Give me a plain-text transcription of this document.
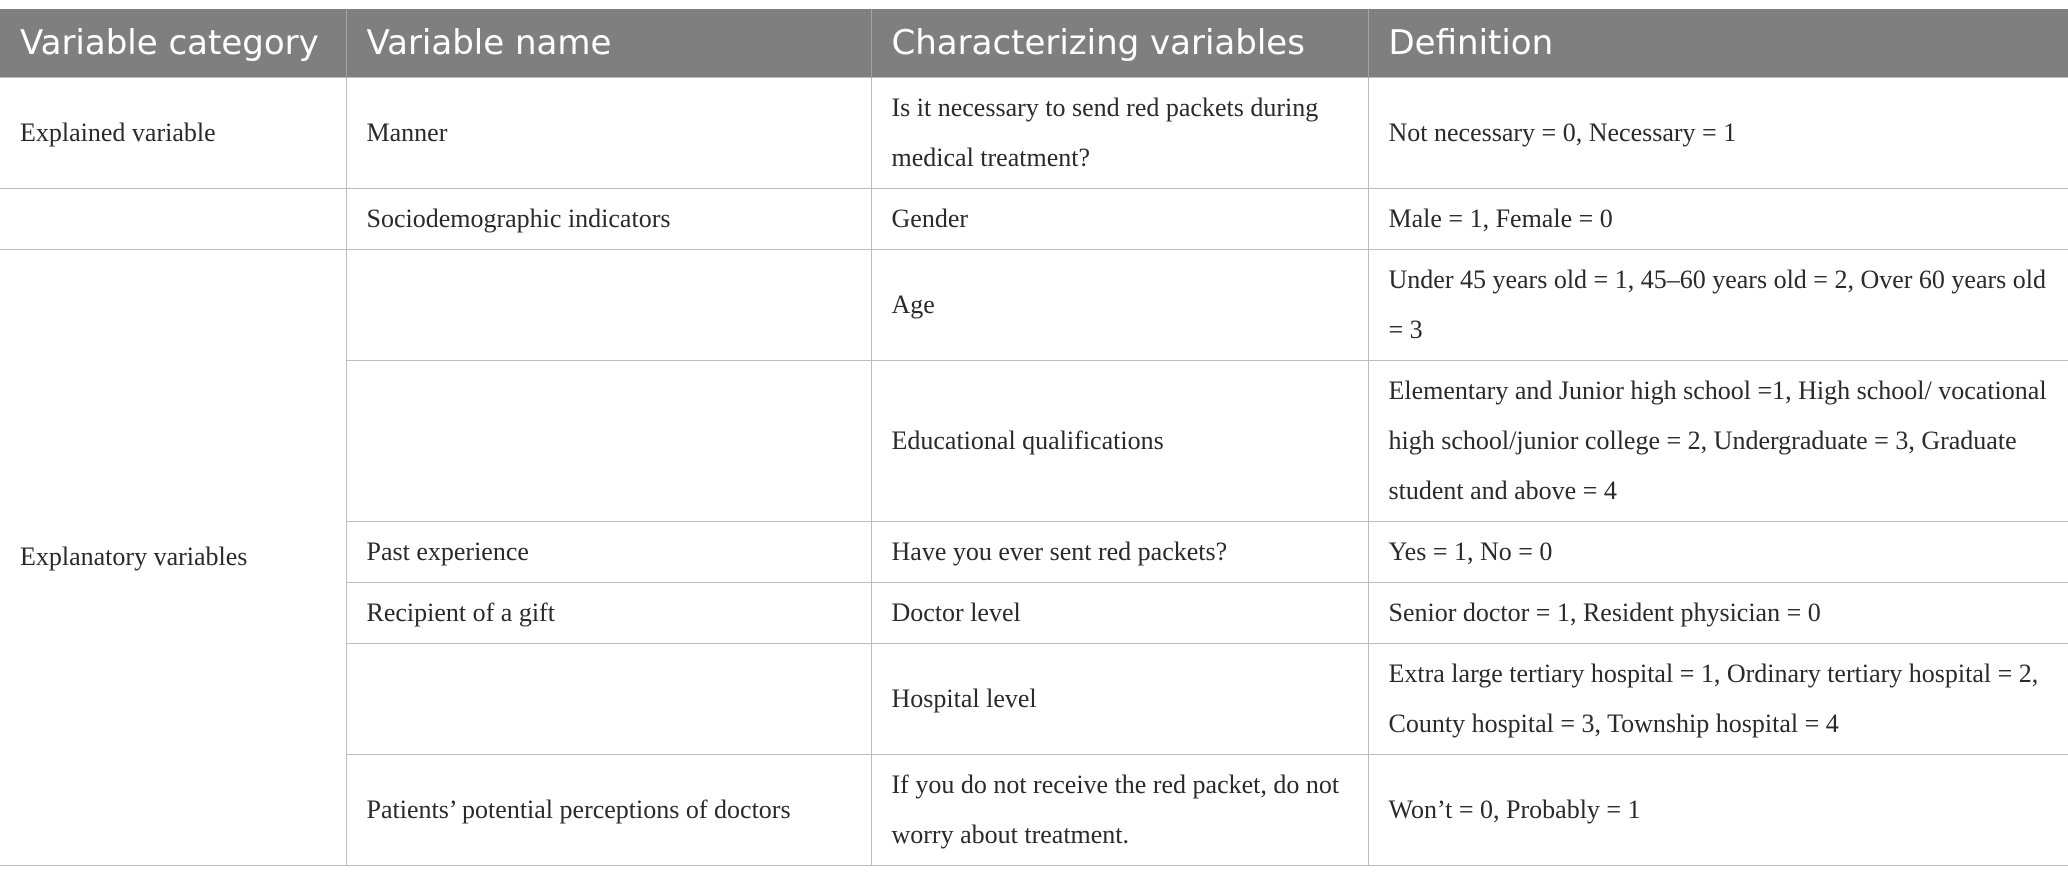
Variable category	Variable name	Characterizing variables	Definition
Explained variable	Manner	Is it necessary to send red packets during medical treatment?	Not necessary = 0, Necessary = 1
	Sociodemographic indicators	Gender	Male = 1, Female = 0
Explanatory variables		Age	Under 45 years old = 1, 45–60 years old = 2, Over 60 years old = 3
		Educational qualifications	Elementary and Junior high school =1, High school/ vocational high school/junior college = 2, Undergraduate = 3, Graduate student and above = 4
	Past experience	Have you ever sent red packets?	Yes = 1, No = 0
	Recipient of a gift	Doctor level	Senior doctor = 1, Resident physician = 0
		Hospital level	Extra large tertiary hospital = 1, Ordinary tertiary hospital = 2, County hospital = 3, Township hospital = 4
	Patients’ potential perceptions of doctors	If you do not receive the red packet, do not worry about treatment.	Won’t = 0, Probably = 1
